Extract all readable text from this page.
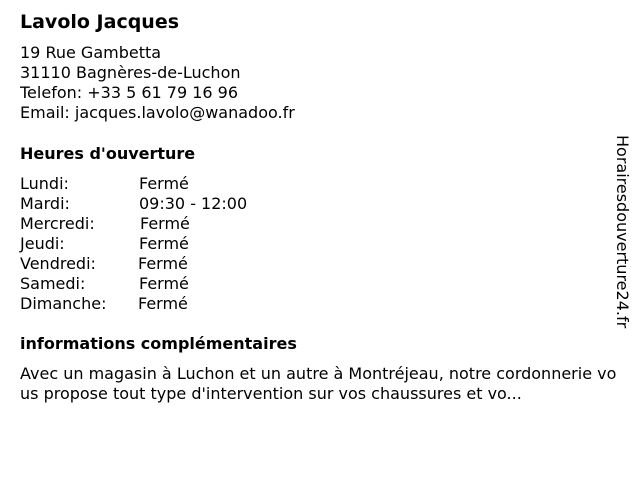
Lavolo Jacques
19 Rue Gambetta
31110 Bagnères-de-Luchon
Telefon: +33 5 61 79 16 96
Email: jacques.lavolo@wanadoo.fr
Heures d'ouverture
Lundi:	Fermé
Mardi:	09:30 - 12:00
Mercredi:	Fermé
Jeudi:	Fermé
Vendredi:	Fermé
Samedi:	Fermé
Dimanche: Fermé
informations complémentaires
Avec un magasin à Luchon et un autre à Montréjeau, notre cordonnerie vous propose tout type d'intervention sur vos chaussures et vo...
Horairesdouverture24.fr
